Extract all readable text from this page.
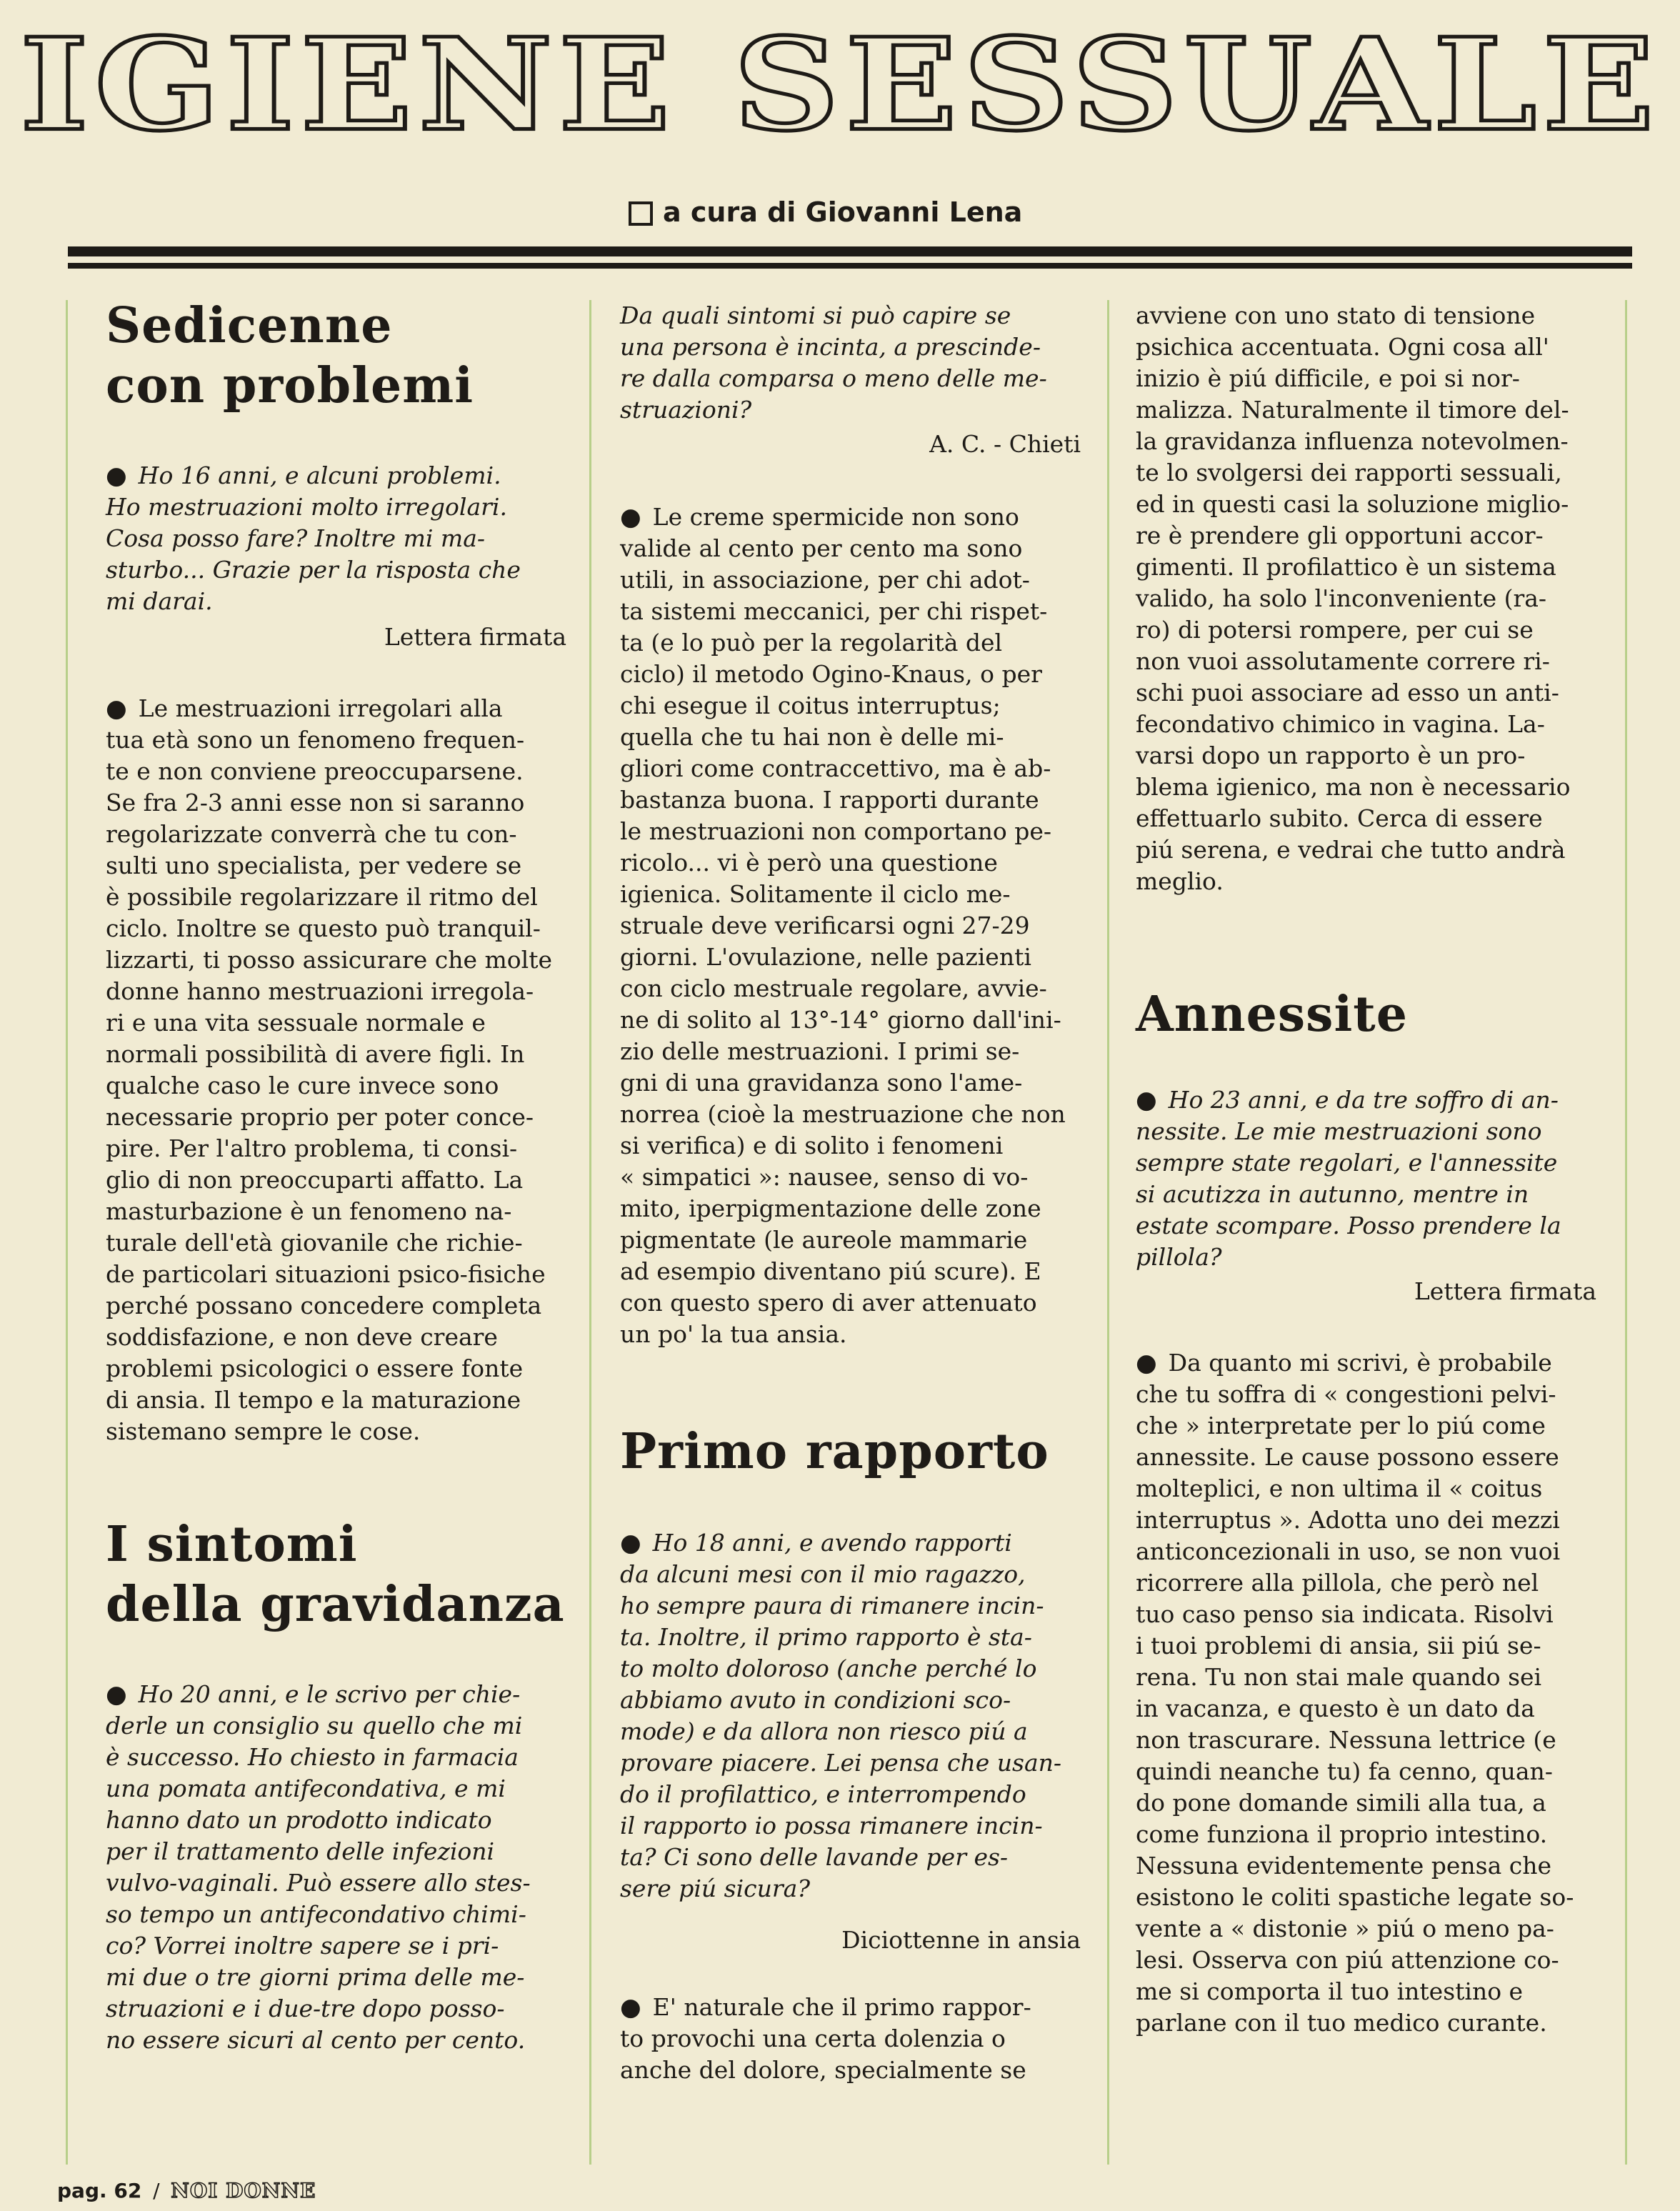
IGIENE SESSUALE
a cura di Giovanni Lena
Sedicenne
con problemi
● Ho 16 anni, e alcuni problemi.
Ho mestruazioni molto irregolari.
Cosa posso fare? Inoltre mi ma-
sturbo... Grazie per la risposta che
mi darai.
Lettera firmata
● Le mestruazioni irregolari alla
tua età sono un fenomeno frequen-
te e non conviene preoccuparsene.
Se fra 2-3 anni esse non si saranno
regolarizzate converrà che tu con-
sulti uno specialista, per vedere se
è possibile regolarizzare il ritmo del
ciclo. Inoltre se questo può tranquil-
lizzarti, ti posso assicurare che molte
donne hanno mestruazioni irregola-
ri e una vita sessuale normale e
normali possibilità di avere figli. In
qualche caso le cure invece sono
necessarie proprio per poter conce-
pire. Per l'altro problema, ti consi-
glio di non preoccuparti affatto. La
masturbazione è un fenomeno na-
turale dell'età giovanile che richie-
de particolari situazioni psico-fisiche
perché possano concedere completa
soddisfazione, e non deve creare
problemi psicologici o essere fonte
di ansia. Il tempo e la maturazione
sistemano sempre le cose.
I sintomi
della gravidanza
● Ho 20 anni, e le scrivo per chie-
derle un consiglio su quello che mi
è successo. Ho chiesto in farmacia
una pomata antifecondativa, e mi
hanno dato un prodotto indicato
per il trattamento delle infezioni
vulvo-vaginali. Può essere allo stes-
so tempo un antifecondativo chimi-
co? Vorrei inoltre sapere se i pri-
mi due o tre giorni prima delle me-
struazioni e i due-tre dopo posso-
no essere sicuri al cento per cento.
Da quali sintomi si può capire se
una persona è incinta, a prescinde-
re dalla comparsa o meno delle me-
struazioni?
A. C. - Chieti
● Le creme spermicide non sono
valide al cento per cento ma sono
utili, in associazione, per chi adot-
ta sistemi meccanici, per chi rispet-
ta (e lo può per la regolarità del
ciclo) il metodo Ogino-Knaus, o per
chi esegue il coitus interruptus;
quella che tu hai non è delle mi-
gliori come contraccettivo, ma è ab-
bastanza buona. I rapporti durante
le mestruazioni non comportano pe-
ricolo... vi è però una questione
igienica. Solitamente il ciclo me-
struale deve verificarsi ogni 27-29
giorni. L'ovulazione, nelle pazienti
con ciclo mestruale regolare, avvie-
ne di solito al 13°-14° giorno dall'ini-
zio delle mestruazioni. I primi se-
gni di una gravidanza sono l'ame-
norrea (cioè la mestruazione che non
si verifica) e di solito i fenomeni
« simpatici »: nausee, senso di vo-
mito, iperpigmentazione delle zone
pigmentate (le aureole mammarie
ad esempio diventano piú scure). E
con questo spero di aver attenuato
un po' la tua ansia.
Primo rapporto
● Ho 18 anni, e avendo rapporti
da alcuni mesi con il mio ragazzo,
ho sempre paura di rimanere incin-
ta. Inoltre, il primo rapporto è sta-
to molto doloroso (anche perché lo
abbiamo avuto in condizioni sco-
mode) e da allora non riesco piú a
provare piacere. Lei pensa che usan-
do il profilattico, e interrompendo
il rapporto io possa rimanere incin-
ta? Ci sono delle lavande per es-
sere piú sicura?
Diciottenne in ansia
● E' naturale che il primo rappor-
to provochi una certa dolenzia o
anche del dolore, specialmente se
avviene con uno stato di tensione
psichica accentuata. Ogni cosa all'
inizio è piú difficile, e poi si nor-
malizza. Naturalmente il timore del-
la gravidanza influenza notevolmen-
te lo svolgersi dei rapporti sessuali,
ed in questi casi la soluzione miglio-
re è prendere gli opportuni accor-
gimenti. Il profilattico è un sistema
valido, ha solo l'inconveniente (ra-
ro) di potersi rompere, per cui se
non vuoi assolutamente correre ri-
schi puoi associare ad esso un anti-
fecondativo chimico in vagina. La-
varsi dopo un rapporto è un pro-
blema igienico, ma non è necessario
effettuarlo subito. Cerca di essere
piú serena, e vedrai che tutto andrà
meglio.
Annessite
● Ho 23 anni, e da tre soffro di an-
nessite. Le mie mestruazioni sono
sempre state regolari, e l'annessite
si acutizza in autunno, mentre in
estate scompare. Posso prendere la
pillola?
Lettera firmata
● Da quanto mi scrivi, è probabile
che tu soffra di « congestioni pelvi-
che » interpretate per lo piú come
annessite. Le cause possono essere
molteplici, e non ultima il « coitus
interruptus ». Adotta uno dei mezzi
anticoncezionali in uso, se non vuoi
ricorrere alla pillola, che però nel
tuo caso penso sia indicata. Risolvi
i tuoi problemi di ansia, sii piú se-
rena. Tu non stai male quando sei
in vacanza, e questo è un dato da
non trascurare. Nessuna lettrice (e
quindi neanche tu) fa cenno, quan-
do pone domande simili alla tua, a
come funziona il proprio intestino.
Nessuna evidentemente pensa che
esistono le coliti spastiche legate so-
vente a « distonie » piú o meno pa-
lesi. Osserva con piú attenzione co-
me si comporta il tuo intestino e
parlane con il tuo medico curante.
pag. 62 / NOI DONNE
